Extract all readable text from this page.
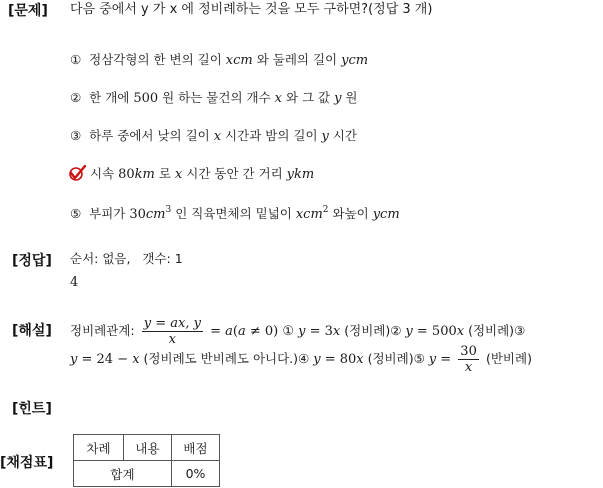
[문제]
[정답]
[해설]
[힌트]
[채점표]
다음 중에서 y 가 x 에 정비례하는 것을 모두 구하면?(정답 3 개)
①  정삼각형의 한 변의 길이 xcm 와 둘레의 길이 ycm
②  한 개에 500 원 하는 물건의 개수 x 와 그 값 y 원
③  하루 중에서 낮의 길이 x 시간과 밤의 길이 y 시간
시속 80km 로 x 시간 동안 간 거리 ykm
⑤  부피가 $30cm^3$ 인 직육면체의 밑넓이 xcm$^2$ 와높이 ycm
순서: 없음,   갯수: 1
4
정비례관계: $\frac{y = ax, y}{x} = a(a \ne 0)$ ① y = 3x (정비례)② y = 500x (정비례)③
y = 24 − x (정비례도 반비례도 아니다.)④ y = 80x (정비례)⑤ $y = \frac{30}{x}$ (반비례)
차례	내용	배점
합계		0%
